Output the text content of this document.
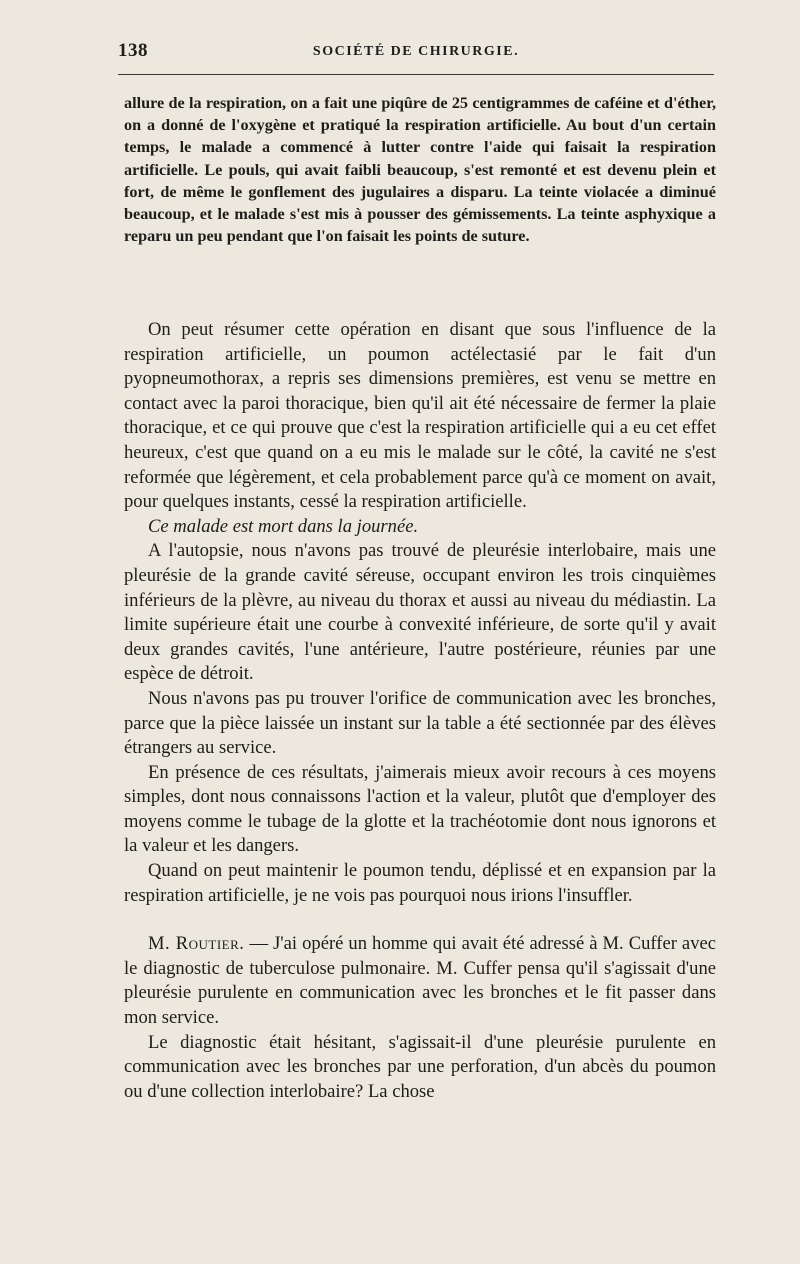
138	SOCIÉTÉ DE CHIRURGIE.

allure de la respiration, on a fait une piqûre de 25 centigrammes de caféine et d'éther, on a donné de l'oxygène et pratiqué la respiration artificielle. Au bout d'un certain temps, le malade a commencé à lutter contre l'aide qui faisait la respiration artificielle. Le pouls, qui avait faibli beaucoup, s'est remonté et est devenu plein et fort, de même le gonflement des jugulaires a disparu. La teinte violacée a diminué beaucoup, et le malade s'est mis à pousser des gémissements. La teinte asphyxique a reparu un peu pendant que l'on faisait les points de suture.

On peut résumer cette opération en disant que sous l'influence de la respiration artificielle, un poumon actélectasié par le fait d'un pyopneumothorax, a repris ses dimensions premières, est venu se mettre en contact avec la paroi thoracique, bien qu'il ait été nécessaire de fermer la plaie thoracique, et ce qui prouve que c'est la respiration artificielle qui a eu cet effet heureux, c'est que quand on a eu mis le malade sur le côté, la cavité ne s'est reformée que légèrement, et cela probablement parce qu'à ce moment on avait, pour quelques instants, cessé la respiration artificielle.

Ce malade est mort dans la journée.

A l'autopsie, nous n'avons pas trouvé de pleurésie interlobaire, mais une pleurésie de la grande cavité séreuse, occupant environ les trois cinquièmes inférieurs de la plèvre, au niveau du thorax et aussi au niveau du médiastin. La limite supérieure était une courbe à convexité inférieure, de sorte qu'il y avait deux grandes cavités, l'une antérieure, l'autre postérieure, réunies par une espèce de détroit.

Nous n'avons pas pu trouver l'orifice de communication avec les bronches, parce que la pièce laissée un instant sur la table a été sectionnée par des élèves étrangers au service.

En présence de ces résultats, j'aimerais mieux avoir recours à ces moyens simples, dont nous connaissons l'action et la valeur, plutôt que d'employer des moyens comme le tubage de la glotte et la trachéotomie dont nous ignorons et la valeur et les dangers.

Quand on peut maintenir le poumon tendu, déplissé et en expansion par la respiration artificielle, je ne vois pas pourquoi nous irions l'insuffler.

M. Routier. — J'ai opéré un homme qui avait été adressé à M. Cuffer avec le diagnostic de tuberculose pulmonaire. M. Cuffer pensa qu'il s'agissait d'une pleurésie purulente en communication avec les bronches et le fit passer dans mon service.

Le diagnostic était hésitant, s'agissait-il d'une pleurésie purulente en communication avec les bronches par une perforation, d'un abcès du poumon ou d'une collection interlobaire? La chose
